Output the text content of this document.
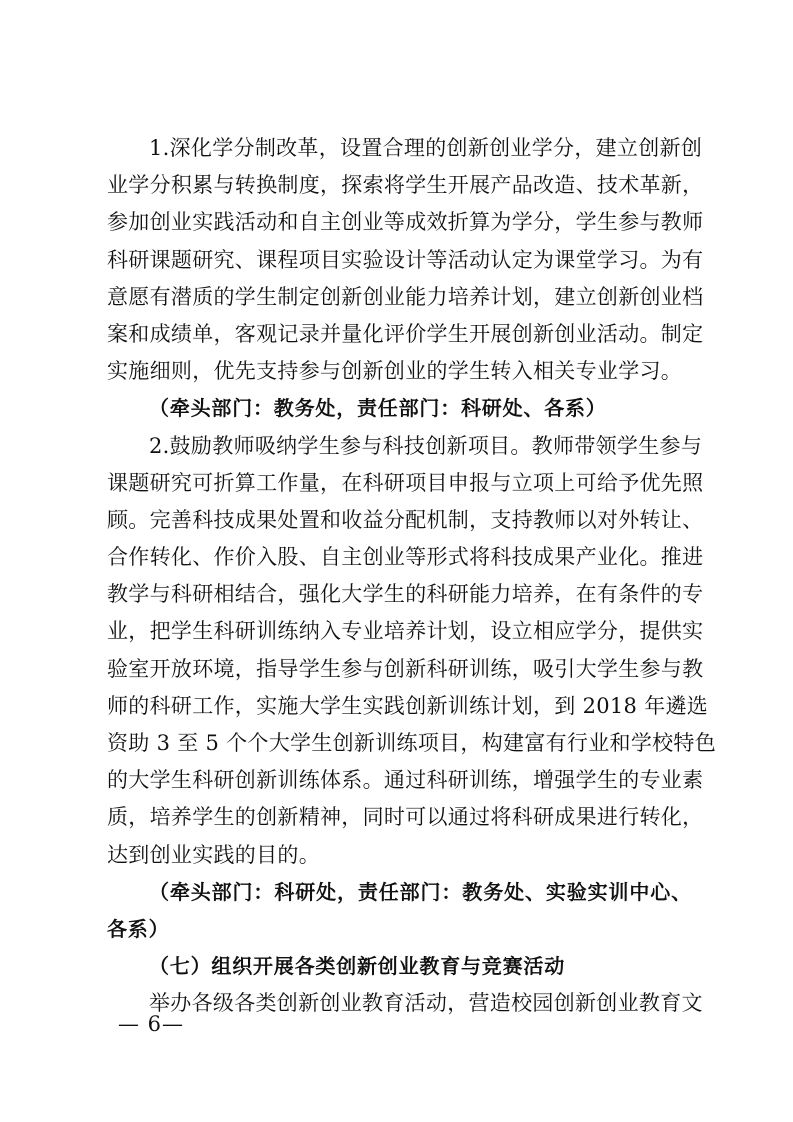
1.深化学分制改革，设置合理的创新创业学分，建立创新创
业学分积累与转换制度，探索将学生开展产品改造、技术革新，
参加创业实践活动和自主创业等成效折算为学分，学生参与教师
科研课题研究、课程项目实验设计等活动认定为课堂学习。为有
意愿有潜质的学生制定创新创业能力培养计划，建立创新创业档
案和成绩单，客观记录并量化评价学生开展创新创业活动。制定
实施细则，优先支持参与创新创业的学生转入相关专业学习。
（牵头部门：教务处，责任部门：科研处、各系）
2.鼓励教师吸纳学生参与科技创新项目。教师带领学生参与
课题研究可折算工作量，在科研项目申报与立项上可给予优先照
顾。完善科技成果处置和收益分配机制，支持教师以对外转让、
合作转化、作价入股、自主创业等形式将科技成果产业化。推进
教学与科研相结合，强化大学生的科研能力培养，在有条件的专
业，把学生科研训练纳入专业培养计划，设立相应学分，提供实
验室开放环境，指导学生参与创新科研训练，吸引大学生参与教
师的科研工作，实施大学生实践创新训练计划，到 2018 年遴选
资助 3 至 5 个个大学生创新训练项目，构建富有行业和学校特色
的大学生科研创新训练体系。通过科研训练，增强学生的专业素
质，培养学生的创新精神，同时可以通过将科研成果进行转化，
达到创业实践的目的。
（牵头部门：科研处，责任部门：教务处、实验实训中心、
各系）
（七）组织开展各类创新创业教育与竞赛活动
举办各级各类创新创业教育活动，营造校园创新创业教育文
— 6—
